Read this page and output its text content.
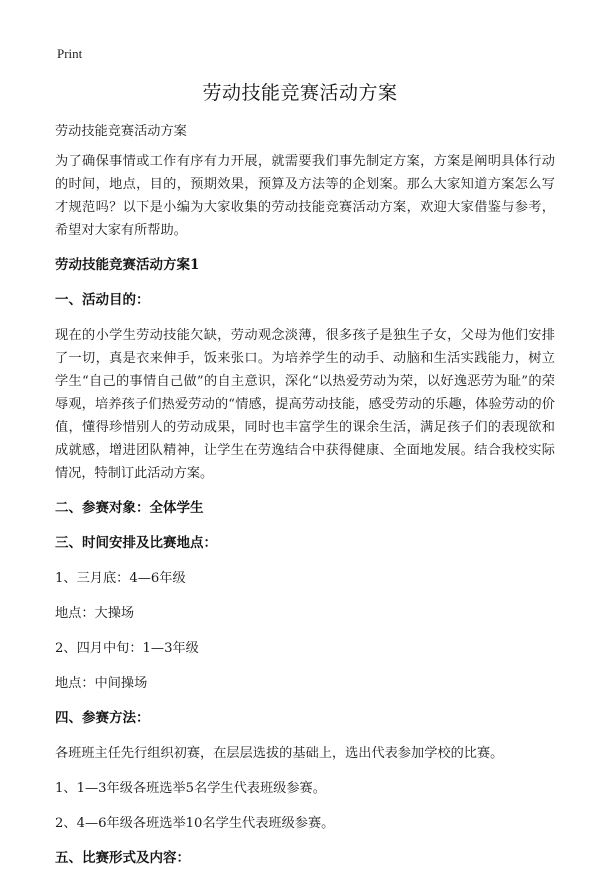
Print
劳动技能竞赛活动方案

劳动技能竞赛活动方案

为了确保事情或工作有序有力开展，就需要我们事先制定方案，方案是阐明具体行动的时间，地点，目的，预期效果，预算及方法等的企划案。那么大家知道方案怎么写才规范吗？以下是小编为大家收集的劳动技能竞赛活动方案，欢迎大家借鉴与参考，希望对大家有所帮助。

劳动技能竞赛活动方案1

一、活动目的：

现在的小学生劳动技能欠缺，劳动观念淡薄，很多孩子是独生子女，父母为他们安排了一切，真是衣来伸手，饭来张口。为培养学生的动手、动脑和生活实践能力，树立学生“自己的事情自己做”的自主意识，深化“以热爱劳动为荣，以好逸恶劳为耻”的荣辱观，培养孩子们热爱劳动的“情感，提高劳动技能，感受劳动的乐趣，体验劳动的价值，懂得珍惜别人的劳动成果，同时也丰富学生的课余生活，满足孩子们的表现欲和成就感，增进团队精神，让学生在劳逸结合中获得健康、全面地发展。结合我校实际情况，特制订此活动方案。

二、参赛对象：全体学生

三、时间安排及比赛地点：

1、三月底：4—6年级

地点：大操场

2、四月中旬：1—3年级

地点：中间操场

四、参赛方法：

各班班主任先行组织初赛，在层层选拔的基础上，选出代表参加学校的比赛。

1、1—3年级各班选举5名学生代表班级参赛。

2、4—6年级各班选举10名学生代表班级参赛。

五、比赛形式及内容：
